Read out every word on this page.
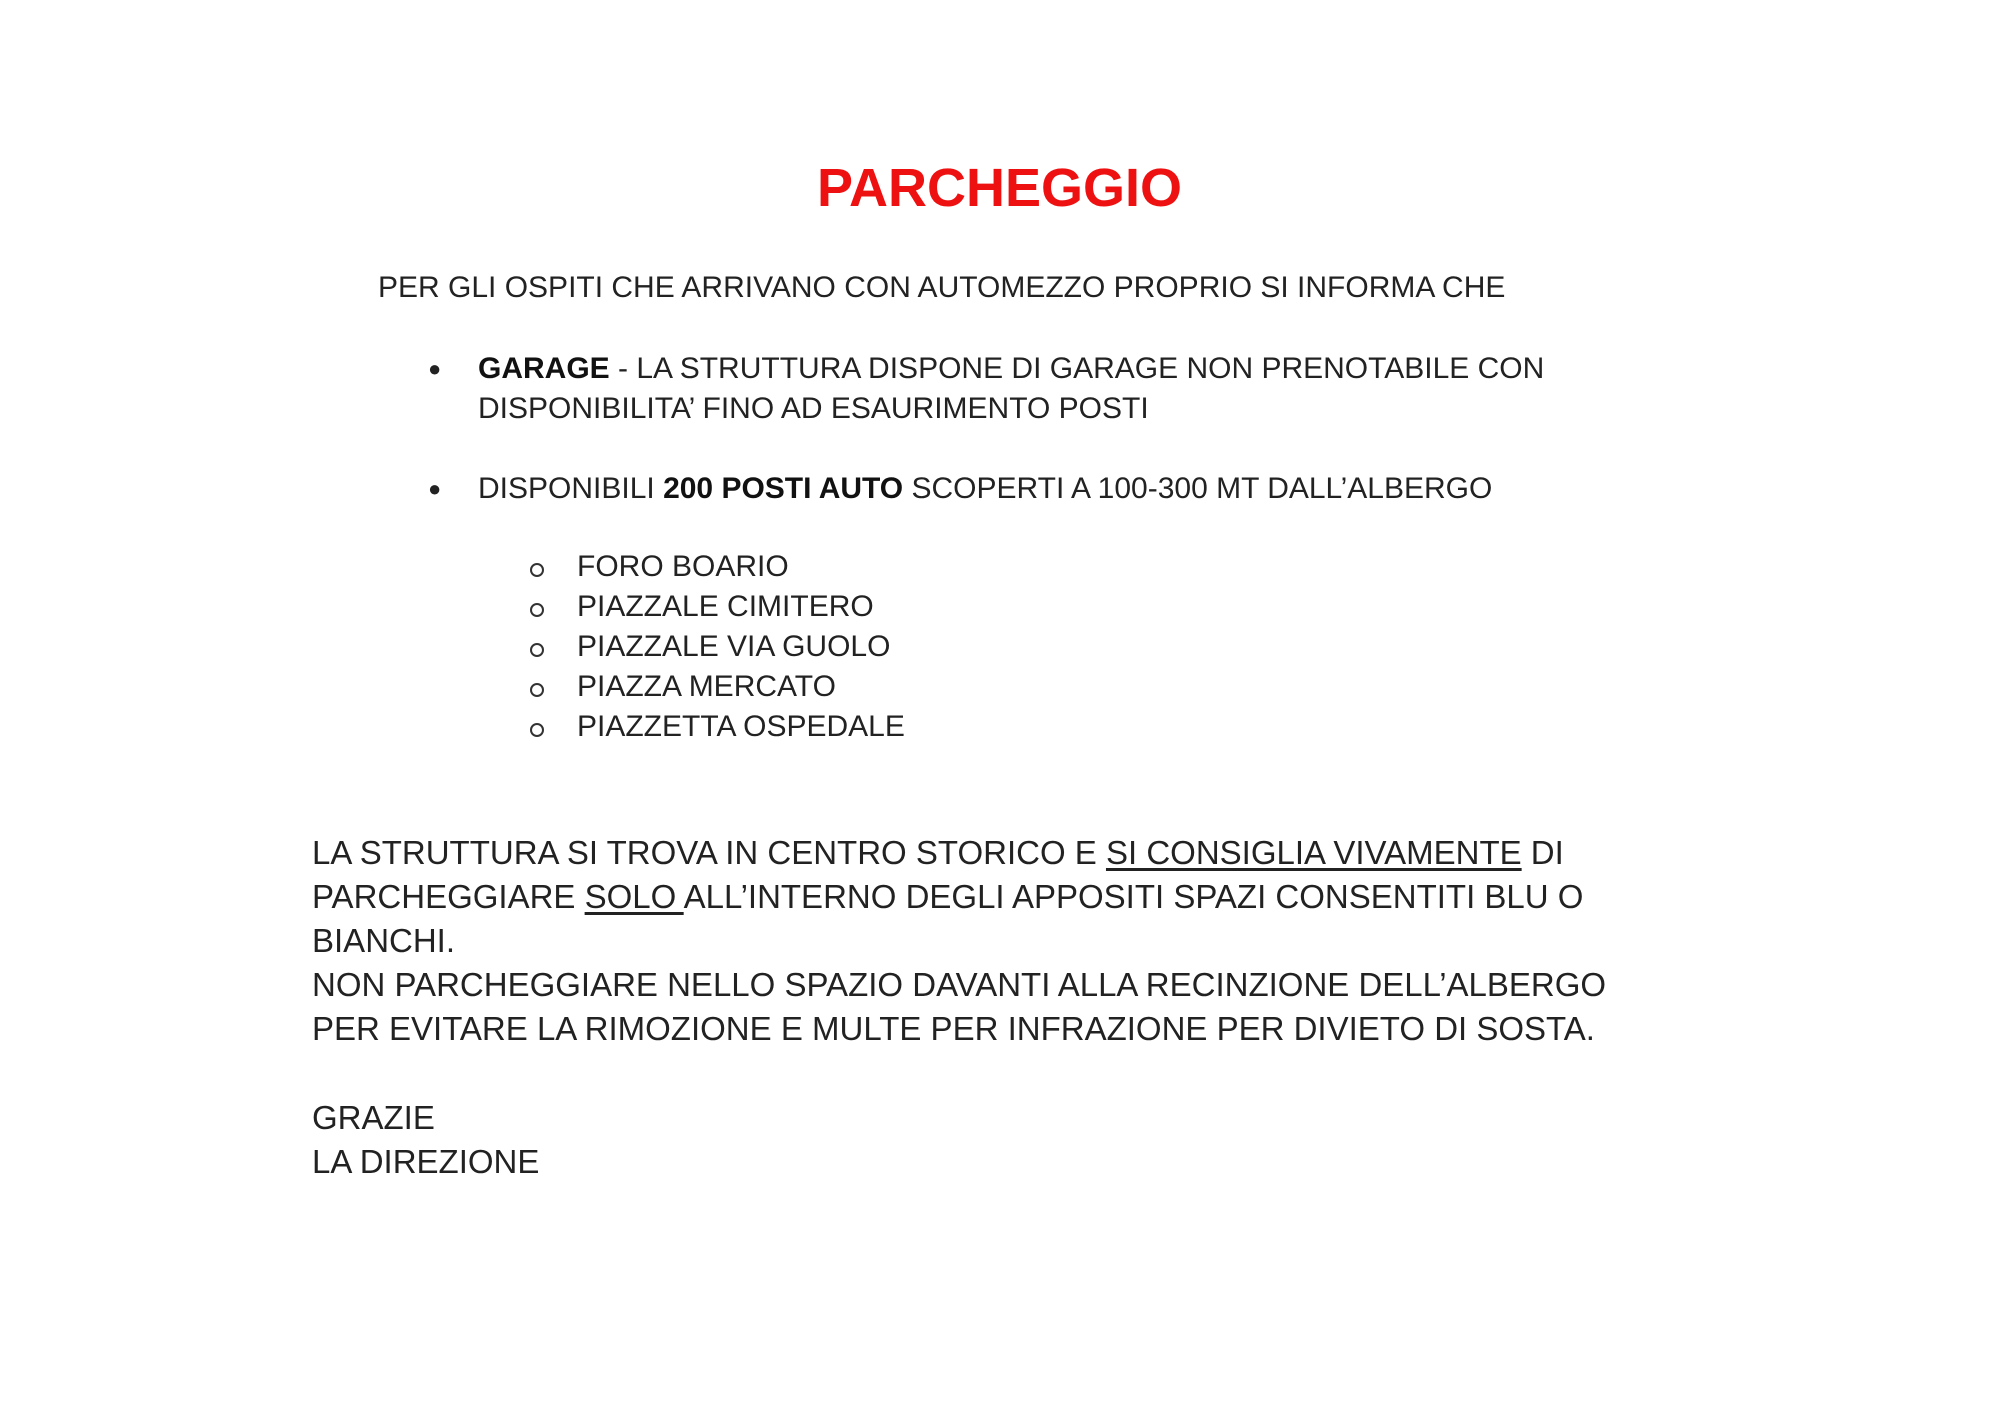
PARCHEGGIO

PER GLI OSPITI CHE ARRIVANO CON AUTOMEZZO PROPRIO SI INFORMA CHE

● GARAGE - LA STRUTTURA DISPONE DI GARAGE NON PRENOTABILE CON
DISPONIBILITA’ FINO AD ESAURIMENTO POSTI
● DISPONIBILI 200 POSTI AUTO SCOPERTI A 100-300 MT DALL’ALBERGO
FORO BOARIO
PIAZZALE CIMITERO
PIAZZALE VIA GUOLO
PIAZZA MERCATO
PIAZZETTA OSPEDALE

LA STRUTTURA SI TROVA IN CENTRO STORICO E SI CONSIGLIA VIVAMENTE DI
PARCHEGGIARE SOLO ALL’INTERNO DEGLI APPOSITI SPAZI CONSENTITI BLU O
BIANCHI.
NON PARCHEGGIARE NELLO SPAZIO DAVANTI ALLA RECINZIONE DELL’ALBERGO
PER EVITARE LA RIMOZIONE E MULTE PER INFRAZIONE PER DIVIETO DI SOSTA.

GRAZIE
LA DIREZIONE
